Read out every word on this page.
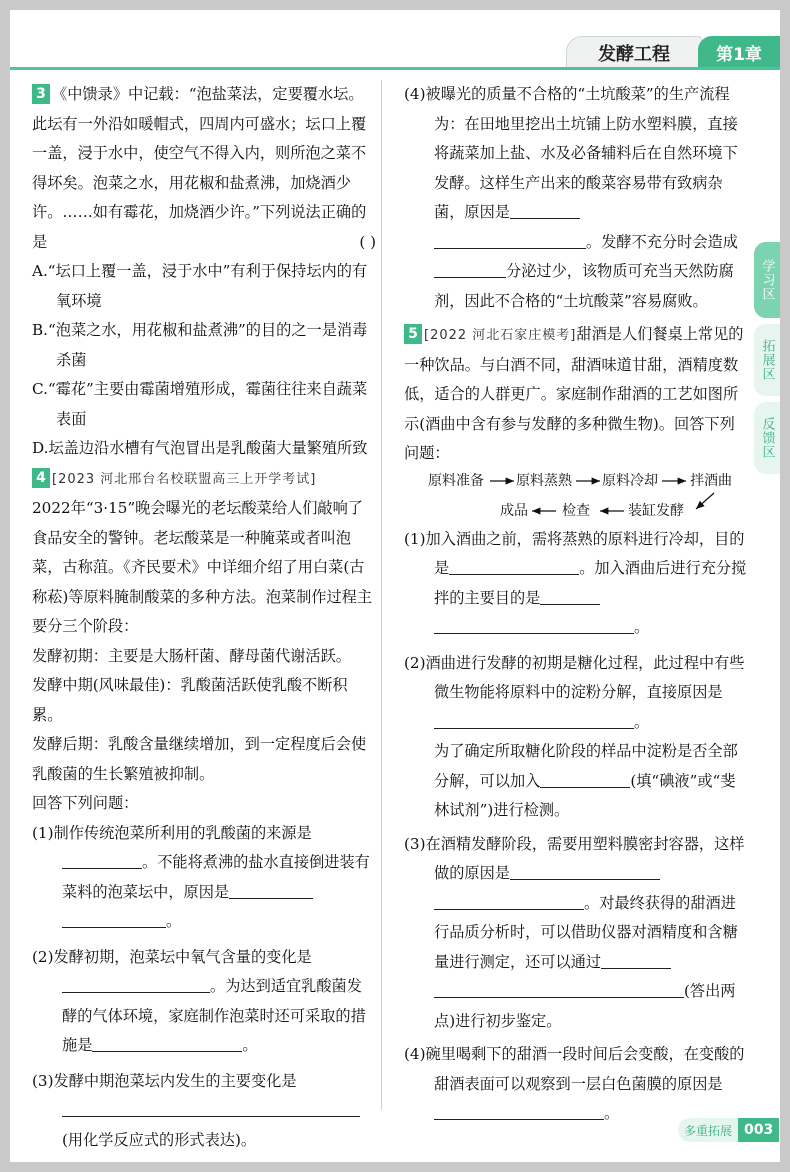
发酵工程	第1章
学习区
拓展区
反馈区
3 《中馈录》中记载：“泡盐菜法，定要覆水坛。此坛有一外沿如暖帽式，四周内可盛水；坛口上覆一盖，浸于水中，使空气不得入内，则所泡之菜不得坏矣。泡菜之水，用花椒和盐煮沸，加烧酒少许。……如有霉花，加烧酒少许。”下列说法正确的是	( )
A.“坛口上覆一盖，浸于水中”有利于保持坛内的有氧环境
B.“泡菜之水，用花椒和盐煮沸”的目的之一是消毒杀菌
C.“霉花”主要由霉菌增殖形成，霉菌往往来自蔬菜表面
D.坛盖边沿水槽有气泡冒出是乳酸菌大量繁殖所致
4 [2023 河北邢台名校联盟高三上开学考试]
2022年“3·15”晚会曝光的老坛酸菜给人们敲响了食品安全的警钟。老坛酸菜是一种腌菜或者叫泡菜，古称菹。《齐民要术》中详细介绍了用白菜(古称菘)等原料腌制酸菜的多种方法。泡菜制作过程主要分三个阶段：
发酵初期：主要是大肠杆菌、酵母菌代谢活跃。
发酵中期(风味最佳)：乳酸菌活跃使乳酸不断积累。
发酵后期：乳酸含量继续增加，到一定程度后会使乳酸菌的生长繁殖被抑制。
回答下列问题：
(1)制作传统泡菜所利用的乳酸菌的来源是。不能将煮沸的盐水直接倒进装有菜料的泡菜坛中，原因是
。
(2)发酵初期，泡菜坛中氧气含量的变化是
。为达到适宜乳酸菌发酵的气体环境，家庭制作泡菜时还可采取的措施是	。
(3)发酵中期泡菜坛内发生的主要变化是

(用化学反应式的形式表达)。
(4)被曝光的质量不合格的“土坑酸菜”的生产流程为：在田地里挖出土坑铺上防水塑料膜，直接将蔬菜加上盐、水及必备辅料后在自然环境下发酵。这样生产出来的酸菜容易带有致病杂菌，原因是
。发酵不充分时会造成分泌过少，该物质可充当天然防腐剂，因此不合格的“土坑酸菜”容易腐败。
5 [2022 河北石家庄模考]甜酒是人们餐桌上常见的一种饮品。与白酒不同，甜酒味道甘甜，酒精度数低，适合的人群更广。家庭制作甜酒的工艺如图所示(酒曲中含有参与发酵的多种微生物)。回答下列问题：
原料准备 原料蒸熟 原料冷却 拌酒曲
成品 检查	装缸发酵
(1)加入酒曲之前，需将蒸熟的原料进行冷却，目的是	。加入酒曲后进行充分搅拌的主要目的是
。
(2)酒曲进行发酵的初期是糖化过程，此过程中有些微生物能将原料中的淀粉分解，直接原因是。
为了确定所取糖化阶段的样品中淀粉是否全部分解，可以加入	(填“碘液”或“斐林试剂”)进行检测。
(3)在酒精发酵阶段，需要用塑料膜密封容器，这样做的原因是
。对最终获得的甜酒进行品质分析时，可以借助仪器对酒精度和含糖量进行测定，还可以通过
(答出两点)进行初步鉴定。
(4)碗里喝剩下的甜酒一段时间后会变酸，在变酸的甜酒表面可以观察到一层白色菌膜的原因是。
多重拓展 003
